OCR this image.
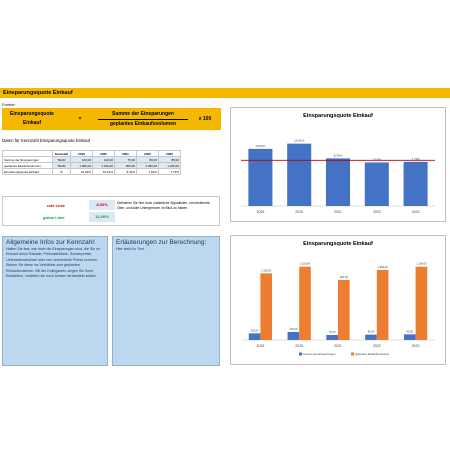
Einsparungsquote Einkauf
Formel:
Einsparungsquote
Einkauf
=
Summe der Einsparungen
geplantes Einkaufsvolumen
x 100
Daten für Kennzahl Einsparungsquote Einkauf
	Kennzahl	2019	2020	2021	2022	2023
Summe der Einsparungen	TEUR	100,00	120,00	75,00	80,00	85,00
geplantes Einkaufsvolumen	TEUR	1.000,00	1.100,00	900,00	1.050,00	1.100,00
Einsparungsquote Einkauf	%	10,00%	10,91%	8,33%	7,62%	7,73%
rote Linie	8,00%
grüne Linie	12,00%
Definieren Sie hier noch zusätzliche Signallinien, um bestimmte Ober- und/oder Untergrenzen im Blick zu haben.
Allgemeine Infos zur Kennzahl:
Halten Sie fest, wie hoch die Einsparungen sind, die Sie im Einkauf durch Rabatte, Preisnachlässe, Sonderpreise, Lieferantenwechsel oder neu verhandelte Preise erzielen. Setzen Sie diese ins Verhältnis zum geplanten Einkaufsvolumen. Mit der Kollegaufen zeigen Sie Ihren Einkäufern, inwiefern sie noch besser verhandeln sollten.
Erläuterungen zur Berechnung:
Hier steht Ihr Text.
Einsparungsquote Einkauf
10,00%
2019
10,91%
2020
8,33%
2021
7,62%
2022
7,73%
2023
Einsparungsquote Einkauf
100,00
1.000,00
2019
120,00
1.100,00
2020
75,00
900,00
2021
80,00
1.050,00
2022
85,00
1.100,00
2023
Summe der Einsparungen	geplantes Einkaufsvolumen
